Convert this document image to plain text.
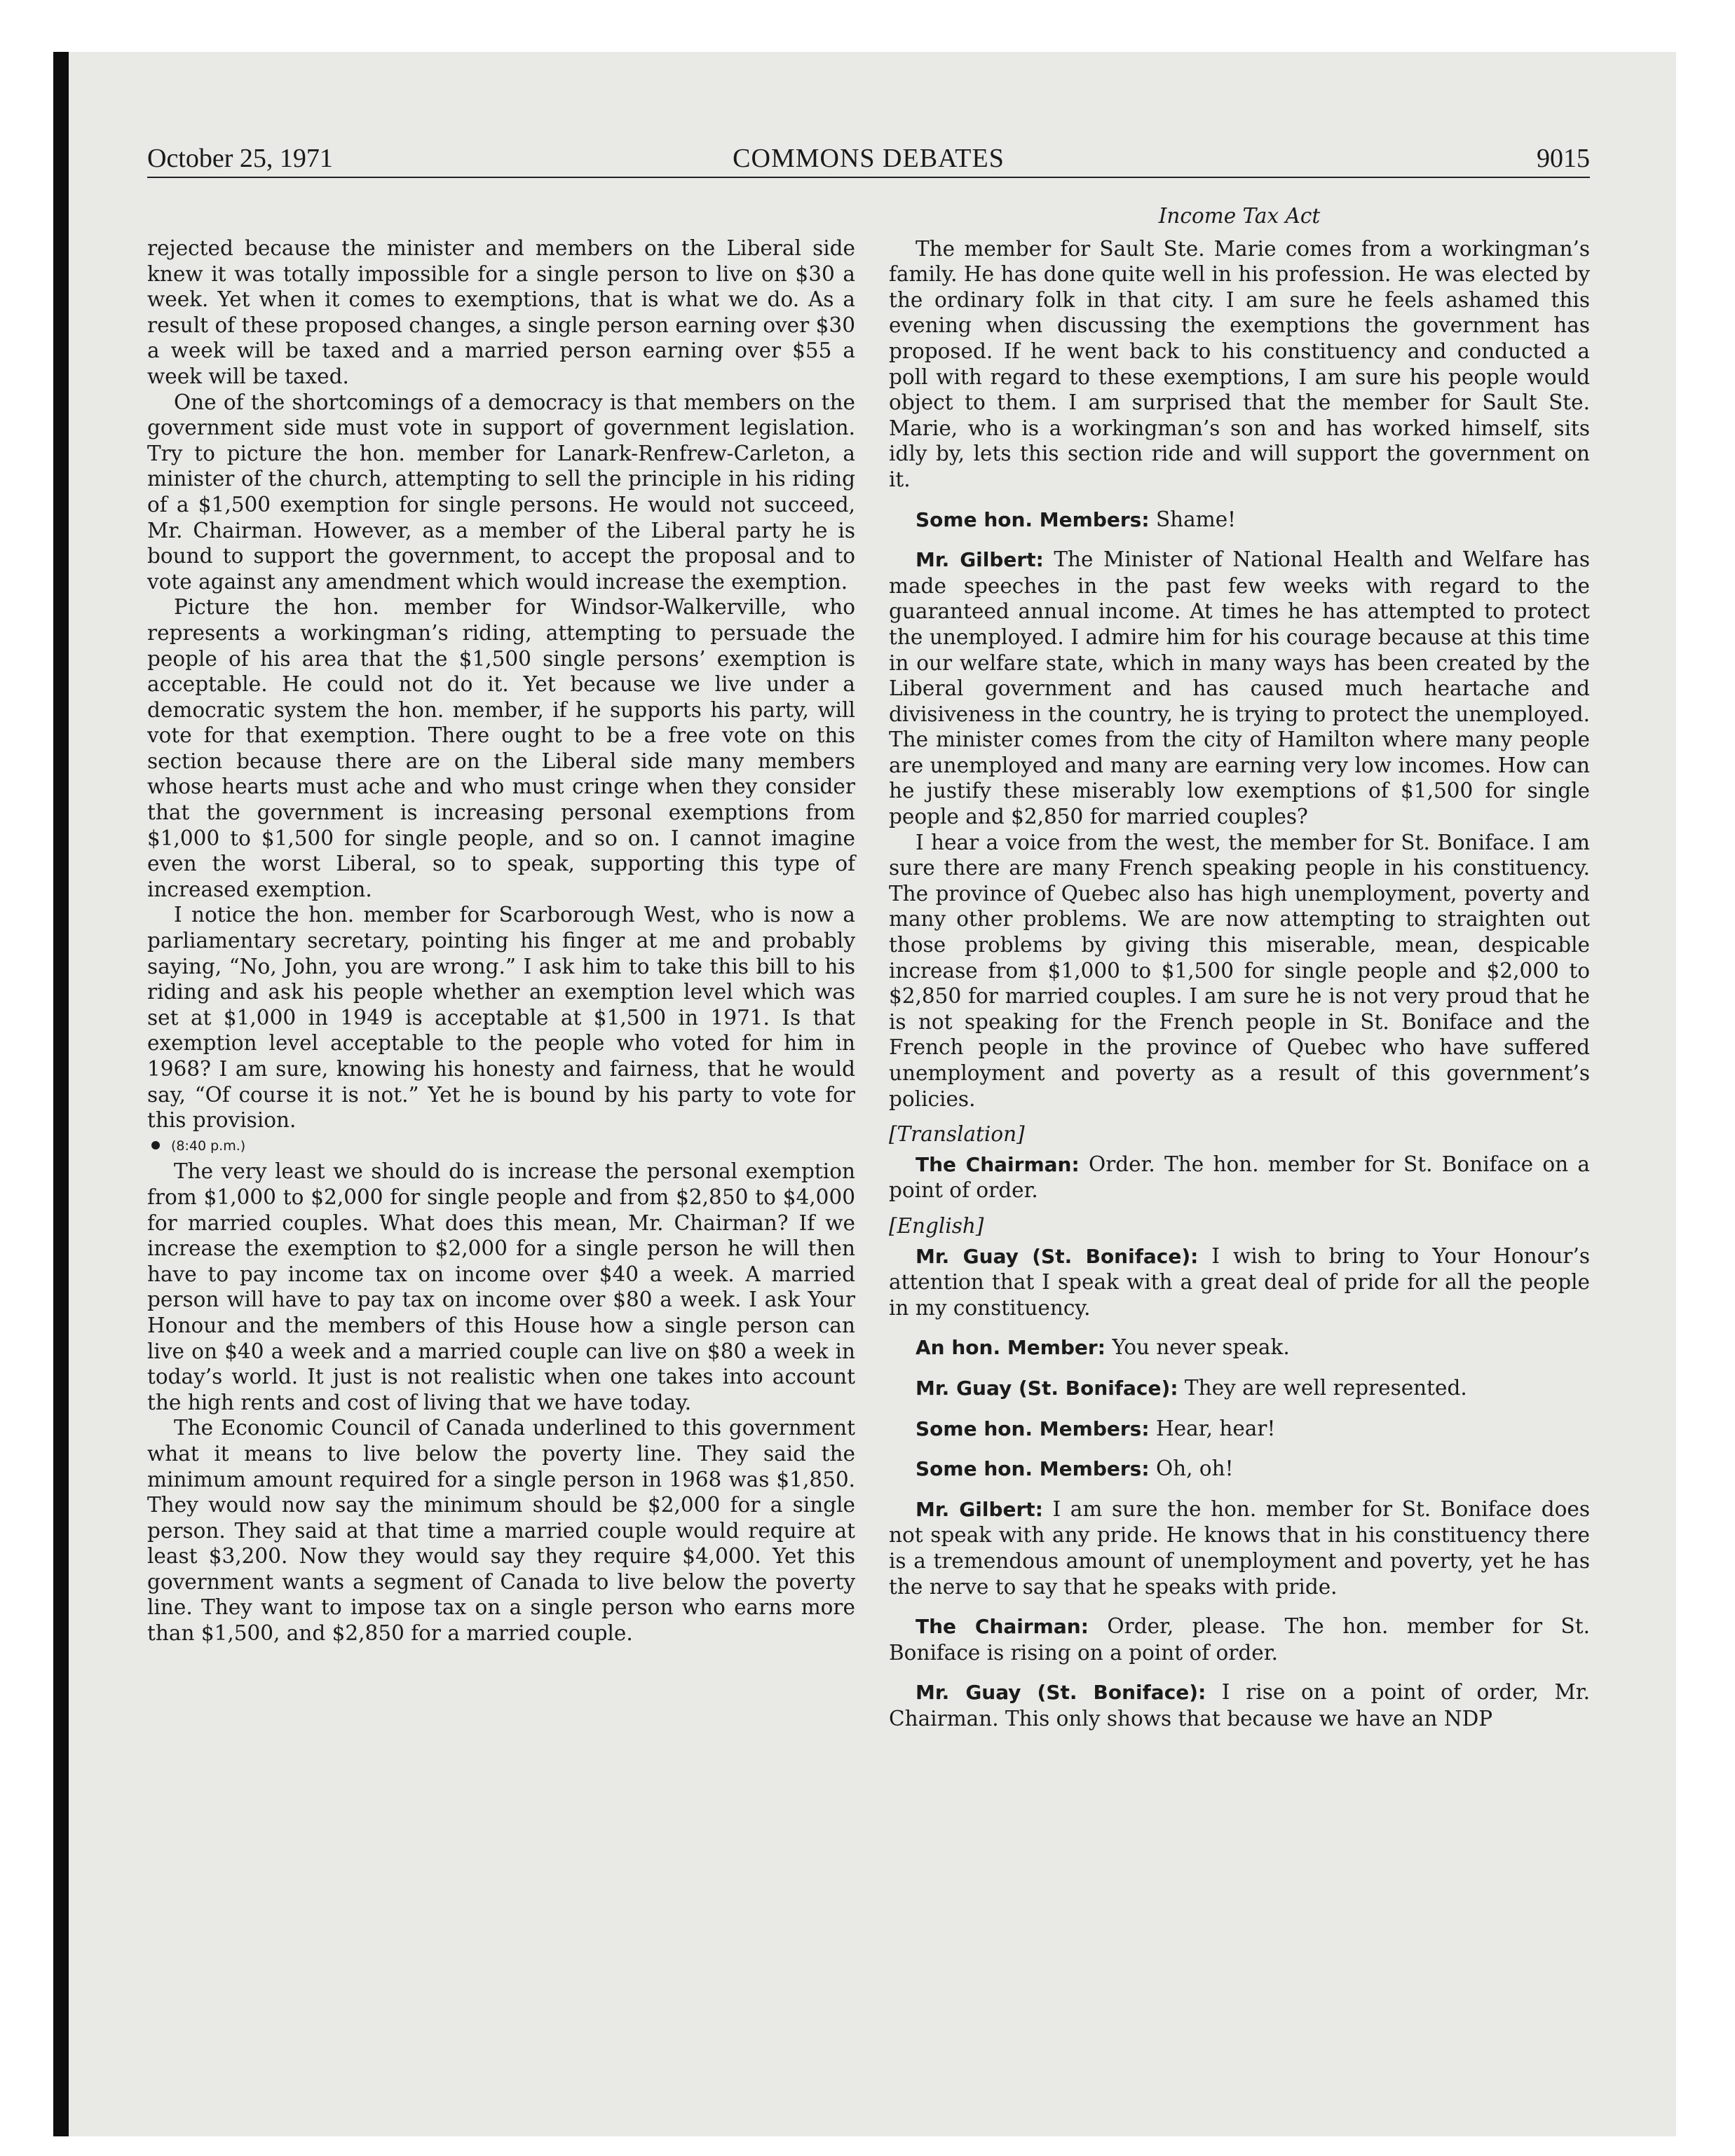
October 25, 1971	COMMONS DEBATES	9015

rejected because the minister and members on the Liberal side knew it was totally impossible for a single person to live on $30 a week. Yet when it comes to exemptions, that is what we do. As a result of these proposed changes, a single person earning over $30 a week will be taxed and a married person earning over $55 a week will be taxed.

One of the shortcomings of a democracy is that members on the government side must vote in support of government legislation. Try to picture the hon. member for Lanark-Renfrew-Carleton, a minister of the church, attempting to sell the principle in his riding of a $1,500 exemption for single persons. He would not succeed, Mr. Chairman. However, as a member of the Liberal party he is bound to support the government, to accept the proposal and to vote against any amendment which would increase the exemption.

Picture the hon. member for Windsor-Walkerville, who represents a workingman’s riding, attempting to persuade the people of his area that the $1,500 single persons’ exemption is acceptable. He could not do it. Yet because we live under a democratic system the hon. member, if he supports his party, will vote for that exemption. There ought to be a free vote on this section because there are on the Liberal side many members whose hearts must ache and who must cringe when they consider that the government is increasing personal exemptions from $1,000 to $1,500 for single people, and so on. I cannot imagine even the worst Liberal, so to speak, supporting this type of increased exemption.

I notice the hon. member for Scarborough West, who is now a parliamentary secretary, pointing his finger at me and probably saying, “No, John, you are wrong.” I ask him to take this bill to his riding and ask his people whether an exemption level which was set at $1,000 in 1949 is acceptable at $1,500 in 1971. Is that exemption level acceptable to the people who voted for him in 1968? I am sure, knowing his honesty and fairness, that he would say, “Of course it is not.” Yet he is bound by his party to vote for this provision.

(8:40 p.m.)

The very least we should do is increase the personal exemption from $1,000 to $2,000 for single people and from $2,850 to $4,000 for married couples. What does this mean, Mr. Chairman? If we increase the exemption to $2,000 for a single person he will then have to pay income tax on income over $40 a week. A married person will have to pay tax on income over $80 a week. I ask Your Honour and the members of this House how a single person can live on $40 a week and a married couple can live on $80 a week in today’s world. It just is not realistic when one takes into account the high rents and cost of living that we have today.

The Economic Council of Canada underlined to this government what it means to live below the poverty line. They said the minimum amount required for a single person in 1968 was $1,850. They would now say the minimum should be $2,000 for a single person. They said at that time a married couple would require at least $3,200. Now they would say they require $4,000. Yet this government wants a segment of Canada to live below the poverty line. They want to impose tax on a single person who earns more than $1,500, and $2,850 for a married couple.

Income Tax Act

The member for Sault Ste. Marie comes from a workingman’s family. He has done quite well in his profession. He was elected by the ordinary folk in that city. I am sure he feels ashamed this evening when discussing the exemptions the government has proposed. If he went back to his constituency and conducted a poll with regard to these exemptions, I am sure his people would object to them. I am surprised that the member for Sault Ste. Marie, who is a workingman’s son and has worked himself, sits idly by, lets this section ride and will support the government on it.

Some hon. Members: Shame!

Mr. Gilbert: The Minister of National Health and Welfare has made speeches in the past few weeks with regard to the guaranteed annual income. At times he has attempted to protect the unemployed. I admire him for his courage because at this time in our welfare state, which in many ways has been created by the Liberal government and has caused much heartache and divisiveness in the country, he is trying to protect the unemployed. The minister comes from the city of Hamilton where many people are unemployed and many are earning very low incomes. How can he justify these miserably low exemptions of $1,500 for single people and $2,850 for married couples?

I hear a voice from the west, the member for St. Boniface. I am sure there are many French speaking people in his constituency. The province of Quebec also has high unemployment, poverty and many other problems. We are now attempting to straighten out those problems by giving this miserable, mean, despicable increase from $1,000 to $1,500 for single people and $2,000 to $2,850 for married couples. I am sure he is not very proud that he is not speaking for the French people in St. Boniface and the French people in the province of Quebec who have suffered unemployment and poverty as a result of this government’s policies.

[Translation]

The Chairman: Order. The hon. member for St. Boniface on a point of order.

[English]

Mr. Guay (St. Boniface): I wish to bring to Your Honour’s attention that I speak with a great deal of pride for all the people in my constituency.

An hon. Member: You never speak.

Mr. Guay (St. Boniface): They are well represented.

Some hon. Members: Hear, hear!

Some hon. Members: Oh, oh!

Mr. Gilbert: I am sure the hon. member for St. Boniface does not speak with any pride. He knows that in his constituency there is a tremendous amount of unemployment and poverty, yet he has the nerve to say that he speaks with pride.

The Chairman: Order, please. The hon. member for St. Boniface is rising on a point of order.

Mr. Guay (St. Boniface): I rise on a point of order, Mr. Chairman. This only shows that because we have an NDP
